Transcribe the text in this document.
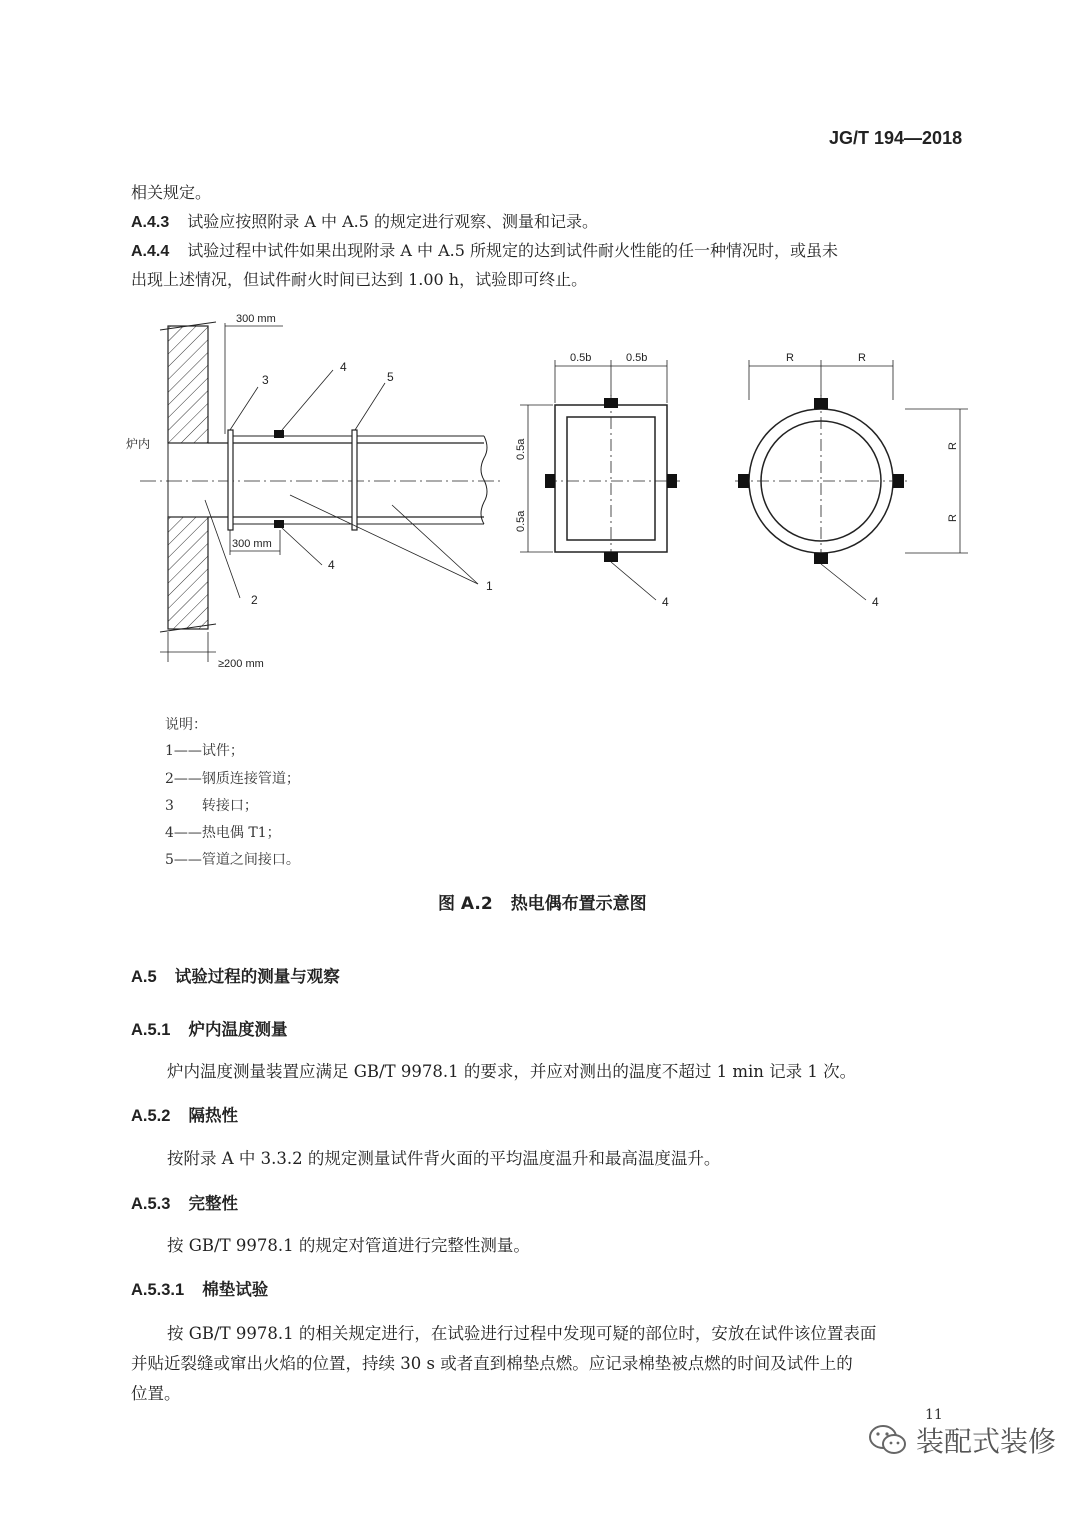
JG/T 194—2018
相关规定。
A.4.3 试验应按照附录 A 中 A.5 的规定进行观察、测量和记录。
A.4.4 试验过程中试件如果出现附录 A 中 A.5 所规定的达到试件耐火性能的任一种情况时，或虽未
出现上述情况，但试件耐火时间已达到 1.00 h，试验即可终止。
炉内
300 mm
300 mm
≥200 mm
3
4
5
4
2
1
0.5b	0.5b
0.5a
0.5a
4
R	R
R
R
4
说明：
1——试件；
2——钢质连接管道；
3　　转接口；
4——热电偶 T1；
5——管道之间接口。
图 A.2 热电偶布置示意图
A.5 试验过程的测量与观察
A.5.1 炉内温度测量
炉内温度测量装置应满足 GB/T 9978.1 的要求，并应对测出的温度不超过 1 min 记录 1 次。
A.5.2 隔热性
按附录 A 中 3.3.2 的规定测量试件背火面的平均温度温升和最高温度温升。
A.5.3 完整性
按 GB/T 9978.1 的规定对管道进行完整性测量。
A.5.3.1 棉垫试验
按 GB/T 9978.1 的相关规定进行，在试验进行过程中发现可疑的部位时，安放在试件该位置表面
并贴近裂缝或窜出火焰的位置，持续 30 s 或者直到棉垫点燃。应记录棉垫被点燃的时间及试件上的
位置。
11
装配式装修
